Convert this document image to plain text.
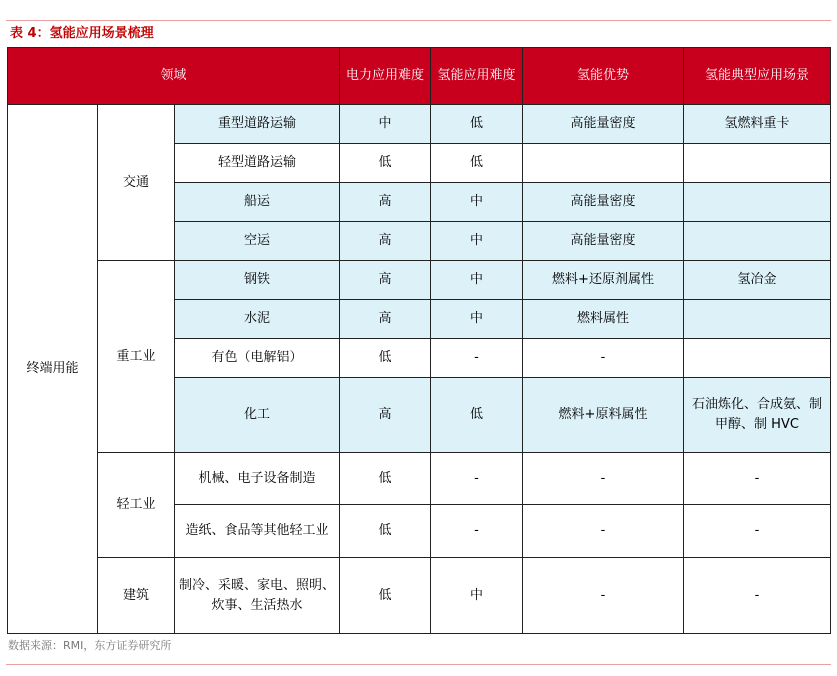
表 4：氢能应用场景梳理
领域			电力应用难度	氢能应用难度	氢能优势	氢能典型应用场景
终端用能	交通	重型道路运输	中	低	高能量密度	氢燃料重卡
		轻型道路运输	低	低		
		船运	高	中	高能量密度	
		空运	高	中	高能量密度	
	重工业	钢铁	高	中	燃料+还原剂属性	氢冶金
		水泥	高	中	燃料属性	
		有色（电解铝）	低	-	-	
		化工	高	低	燃料+原料属性	石油炼化、合成氨、制甲醇、制 HVC
	轻工业	机械、电子设备制造	低	-	-	-
		造纸、食品等其他轻工业	低	-	-	-
	建筑	制冷、采暖、家电、照明、炊事、生活热水	低	中	-	-
数据来源：RMI，东方证券研究所
